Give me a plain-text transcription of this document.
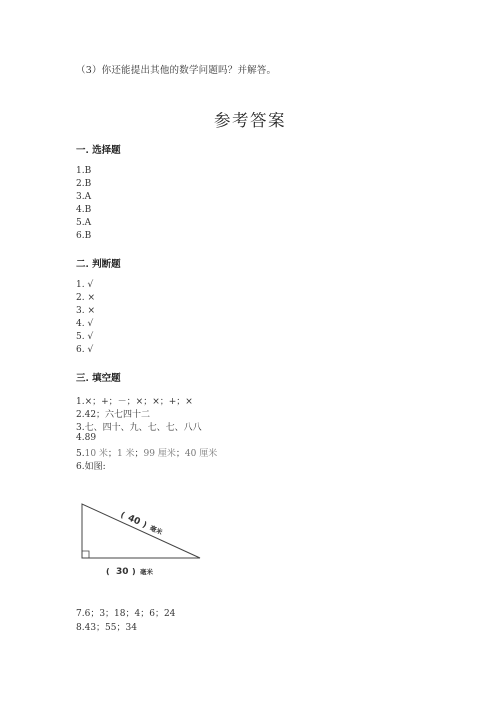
（3）你还能提出其他的数学问题吗？并解答。
参考答案
一. 选择题
1.B
2.B
3.A
4.B
5.A
6.B
二. 判断题
1. √
2. ×
3. ×
4. √
5. √
6. √
三. 填空题
1.×；+；－；×；×；+；×
2.42；六七四十二
3.七、四十、九、七、七、八八
4.89
5.10 米；1 米；99 厘米；40 厘米
6.如图:
( 40 ) 毫米
( 30 ) 毫米
7.6；3；18；4；6；24
8.43；55；34
